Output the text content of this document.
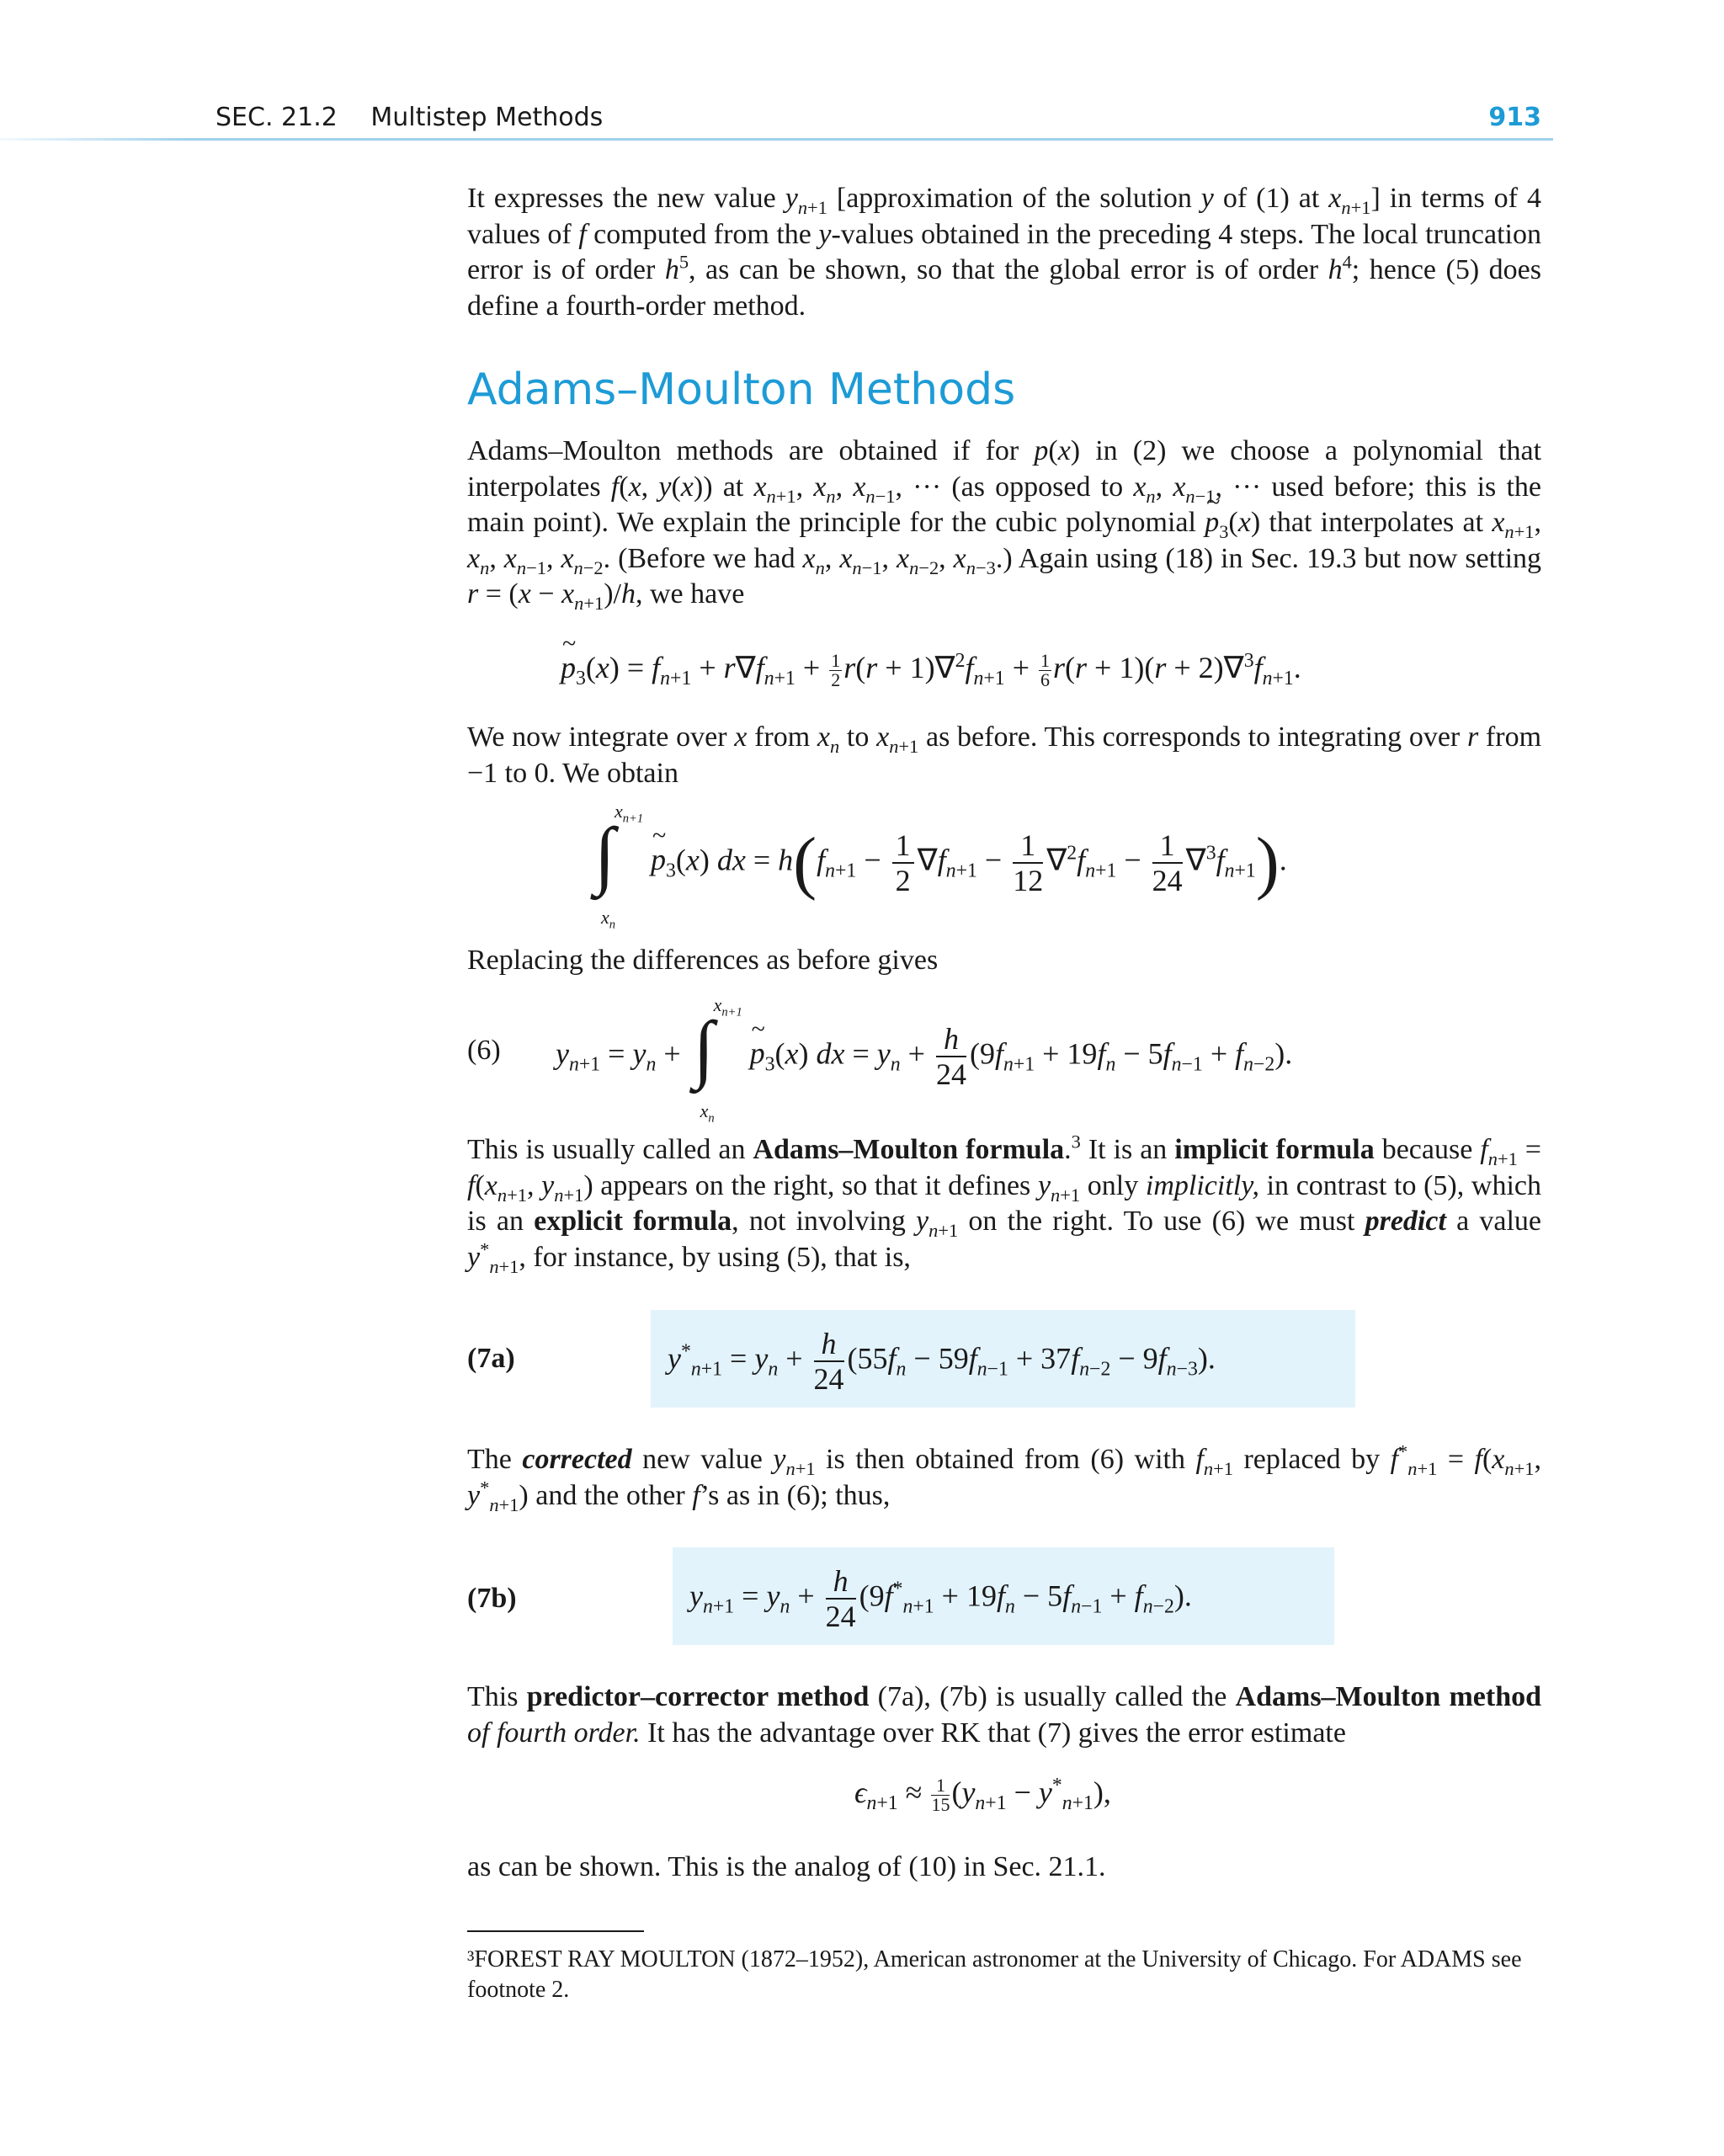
SEC. 21.2 Multistep Methods	913

It expresses the new value $y_{n+1}$ [approximation of the solution y of (1) at $x_{n+1}$] in terms of 4 values of f computed from the y-values obtained in the preceding 4 steps. The local truncation error is of order $h^5$, as can be shown, so that the global error is of order $h^4$; hence (5) does define a fourth-order method.

Adams–Moulton Methods

Adams–Moulton methods are obtained if for p(x) in (2) we choose a polynomial that interpolates f(x, y(x)) at $x_{n+1}$, $x_n$, $x_{n-1}$, ··· (as opposed to $x_n$, $x_{n-1}$, ··· used before; this is the main point). We explain the principle for the cubic polynomial ~ $p_3(x)$ that interpolates at $x_{n+1}$, $x_n$, $x_{n-1}$, $x_{n-2}$. (Before we had $x_n$, $x_{n-1}$, $x_{n-2}$, $x_{n-3}$.) Again using (18) in Sec. 19.3 but now setting $r = (x - x_{n+1})/h$, we have

~ $p_3(x) = f_{n+1} + r\nabla f_{n+1} + \frac{1}{2} r(r + 1)\nabla^2f_{n+1} + \frac{1}{6} r(r + 1)(r + 2)\nabla^3f_{n+1}$.

We now integrate over x from $x_n$ to $x_{n+1}$ as before. This corresponds to integrating over r from −1 to 0. We obtain

∫
$x_{n+1}$
$x_n$
~ $p_3(x)$ dx = $h(f_{n+1} - \frac{1}{2} \nabla f_{n+1} - \frac{1}{12} \nabla^2f_{n+1} - \frac{1}{24} \nabla^3f_{n+1})$.

Replacing the differences as before gives

(6) $y_{n+1} = y_n$ + ∫
$x_{n+1}$
$x_n$
~ $p_3(x)$ dx = $y_n + \frac{h}{24} (9f_{n+1} + 19f_n - 5f_{n-1} + f_{n-2})$.

This is usually called an Adams–Moulton formula.$^3$ It is an implicit formula because $f_{n+1} = f(x_{n+1}$, $y_{n+1}$) appears on the right, so that it defines $y_{n+1}$ only implicitly, in contrast to (5), which is an explicit formula, not involving $y_{n+1}$ on the right. To use (6) we must predict a value $y^*_{n+1}$, for instance, by using (5), that is,

(7a)	$y^*_{n+1} = y_n + \frac{h}{24} (55f_n - 59f_{n-1} + 37f_{n-2} - 9f_{n-3})$.

The corrected new value $y_{n+1}$ is then obtained from (6) with $f_{n+1}$ replaced by $f^*_{n+1} = f(x_{n+1}$, $y^*_{n+1}$) and the other f’s as in (6); thus,

(7b)	$y_{n+1} = y_n + \frac{h}{24} (9f^*_{n+1} + 19f_n - 5f_{n-1} + f_{n-2})$.

This predictor–corrector method (7a), (7b) is usually called the Adams–Moulton method of fourth order. It has the advantage over RK that (7) gives the error estimate

$\epsilon_{n+1} \approx \frac{1}{15} (y_{n+1} - y^*_{n+1})$,

as can be shown. This is the analog of (10) in Sec. 21.1.

³FOREST RAY MOULTON (1872–1952), American astronomer at the University of Chicago. For ADAMS see footnote 2.
